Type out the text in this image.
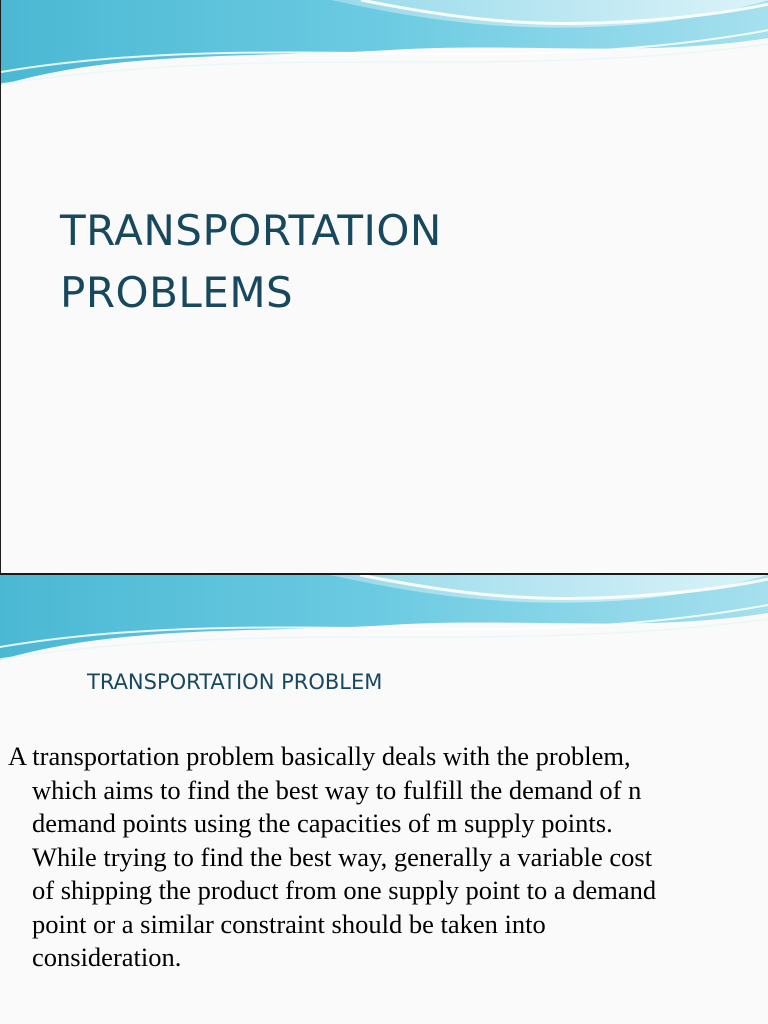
TRANSPORTATION
PROBLEMS
TRANSPORTATION PROBLEM

A transportation problem basically deals with the problem, which aims to find the best way to fulfill the demand of n demand points using the capacities of m supply points. While trying to find the best way, generally a variable cost of shipping the product from one supply point to a demand point or a similar constraint should be taken into consideration.
